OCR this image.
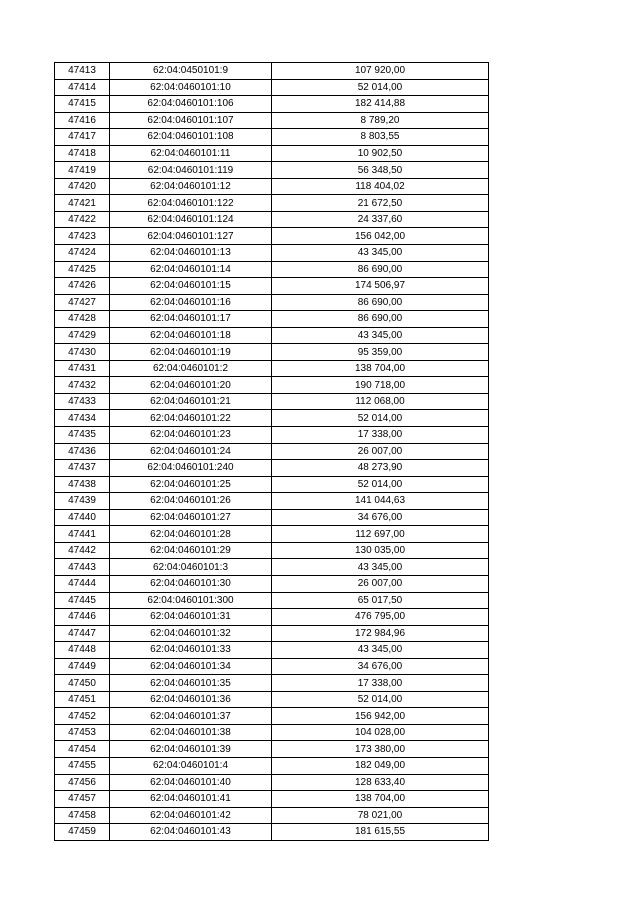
47413	62:04:0450101:9	107 920,00
47414	62:04:0460101:10	52 014,00
47415	62:04:0460101:106	182 414,88
47416	62:04:0460101:107	8 789,20
47417	62:04:0460101:108	8 803,55
47418	62:04:0460101:11	10 902,50
47419	62:04:0460101:119	56 348,50
47420	62:04:0460101:12	118 404,02
47421	62:04:0460101:122	21 672,50
47422	62:04:0460101:124	24 337,60
47423	62:04:0460101:127	156 042,00
47424	62:04:0460101:13	43 345,00
47425	62:04:0460101:14	86 690,00
47426	62:04:0460101:15	174 506,97
47427	62:04:0460101:16	86 690,00
47428	62:04:0460101:17	86 690,00
47429	62:04:0460101:18	43 345,00
47430	62:04:0460101:19	95 359,00
47431	62:04:0460101:2	138 704,00
47432	62:04:0460101:20	190 718,00
47433	62:04:0460101:21	112 068,00
47434	62:04:0460101:22	52 014,00
47435	62:04:0460101:23	17 338,00
47436	62:04:0460101:24	26 007,00
47437	62:04:0460101:240	48 273,90
47438	62:04:0460101:25	52 014,00
47439	62:04:0460101:26	141 044,63
47440	62:04:0460101:27	34 676,00
47441	62:04:0460101:28	112 697,00
47442	62:04:0460101:29	130 035,00
47443	62:04:0460101:3	43 345,00
47444	62:04:0460101:30	26 007,00
47445	62:04:0460101:300	65 017,50
47446	62:04:0460101:31	476 795,00
47447	62:04:0460101:32	172 984,96
47448	62:04:0460101:33	43 345,00
47449	62:04:0460101:34	34 676,00
47450	62:04:0460101:35	17 338,00
47451	62:04:0460101:36	52 014,00
47452	62:04:0460101:37	156 942,00
47453	62:04:0460101:38	104 028,00
47454	62:04:0460101:39	173 380,00
47455	62:04:0460101:4	182 049,00
47456	62:04:0460101:40	128 633,40
47457	62:04:0460101:41	138 704,00
47458	62:04:0460101:42	78 021,00
47459	62:04:0460101:43	181 615,55
